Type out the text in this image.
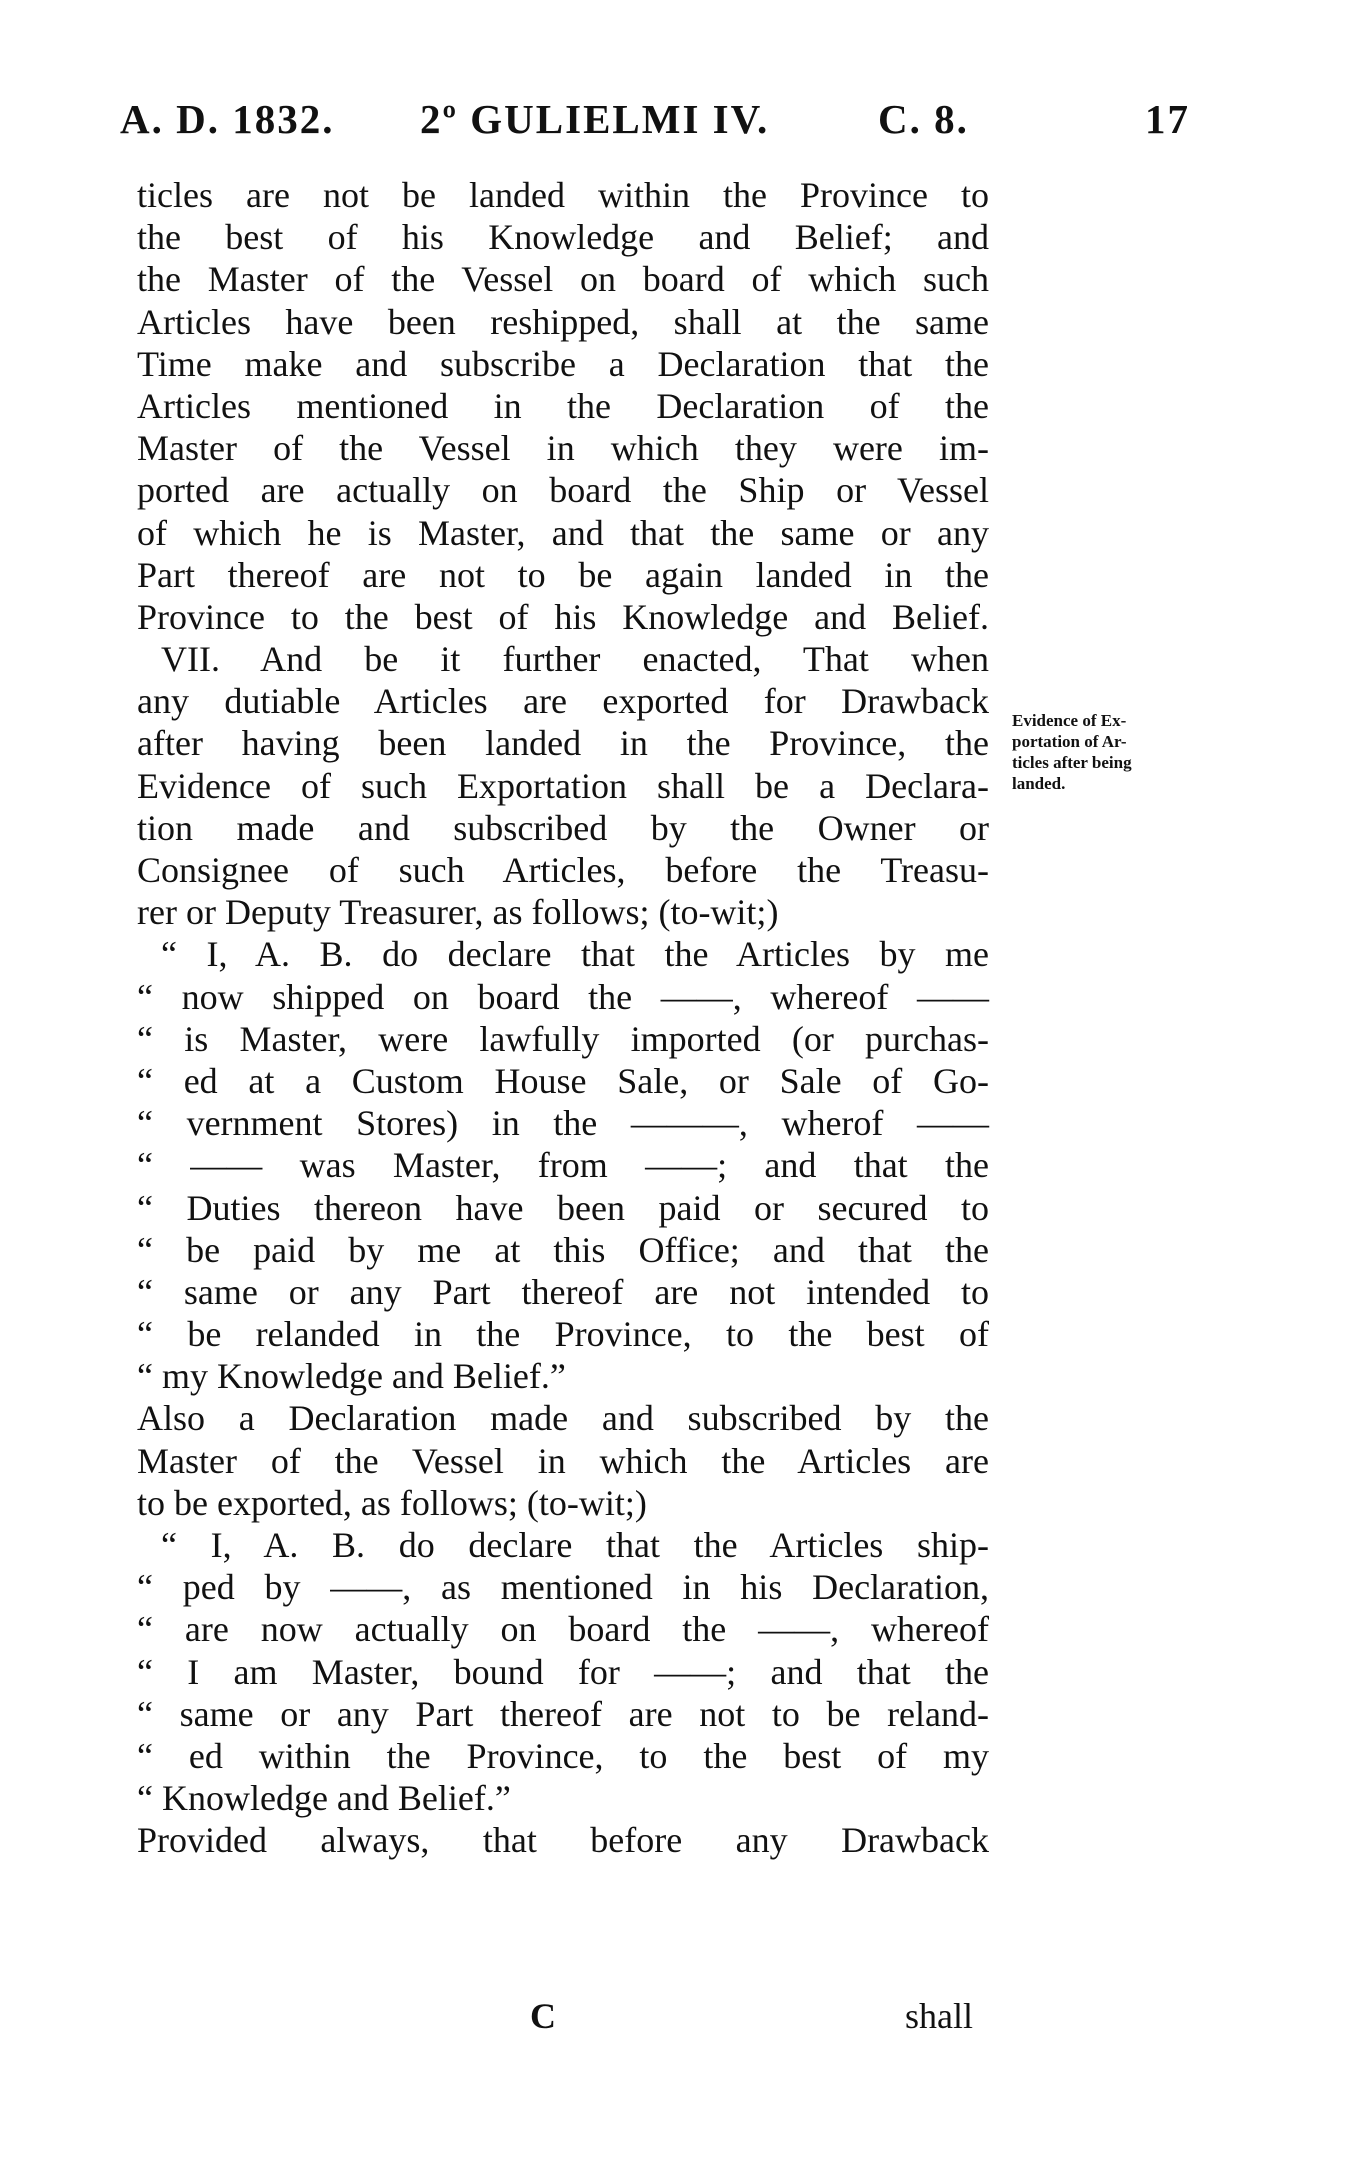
A. D. 1832. 2º GULIELMI IV.	C. 8.	17
ticles are not be landed within the Province to
the best of his Knowledge and Belief; and
the Master of the Vessel on board of which such
Articles have been reshipped, shall at the same
Time make and subscribe a Declaration that the
Articles mentioned in the Declaration of the
Master of the Vessel in which they were im-
ported are actually on board the Ship or Vessel
of which he is Master, and that the same or any
Part thereof are not to be again landed in the
Province to the best of his Knowledge and Belief.
VII. And be it further enacted, That when
any dutiable Articles are exported for Drawback
after having been landed in the Province, the
Evidence of such Exportation shall be a Declara-
tion made and subscribed by the Owner or
Consignee of such Articles, before the Treasu-
rer or Deputy Treasurer, as follows; (to-wit;)
“ I, A. B. do declare that the Articles by me
“ now shipped on board the ——, whereof ——
“ is Master, were lawfully imported (or purchas-
“ ed at a Custom House Sale, or Sale of Go-
“ vernment Stores) in the ———, wherof ——
“ —— was Master, from ——; and that the
“ Duties thereon have been paid or secured to
“ be paid by me at this Office; and that the
“ same or any Part thereof are not intended to
“ be relanded in the Province, to the best of
“ my Knowledge and Belief.”
Also a Declaration made and subscribed by the
Master of the Vessel in which the Articles are
to be exported, as follows; (to-wit;)
“ I, A. B. do declare that the Articles ship-
“ ped by ——, as mentioned in his Declaration,
“ are now actually on board the ——, whereof
“ I am Master, bound for ——; and that the
“ same or any Part thereof are not to be reland-
“ ed within the Province, to the best of my
“ Knowledge and Belief.”
Provided always, that before any Drawback
Evidence of Ex-
portation of Ar-
ticles after being
landed.
C	shall
